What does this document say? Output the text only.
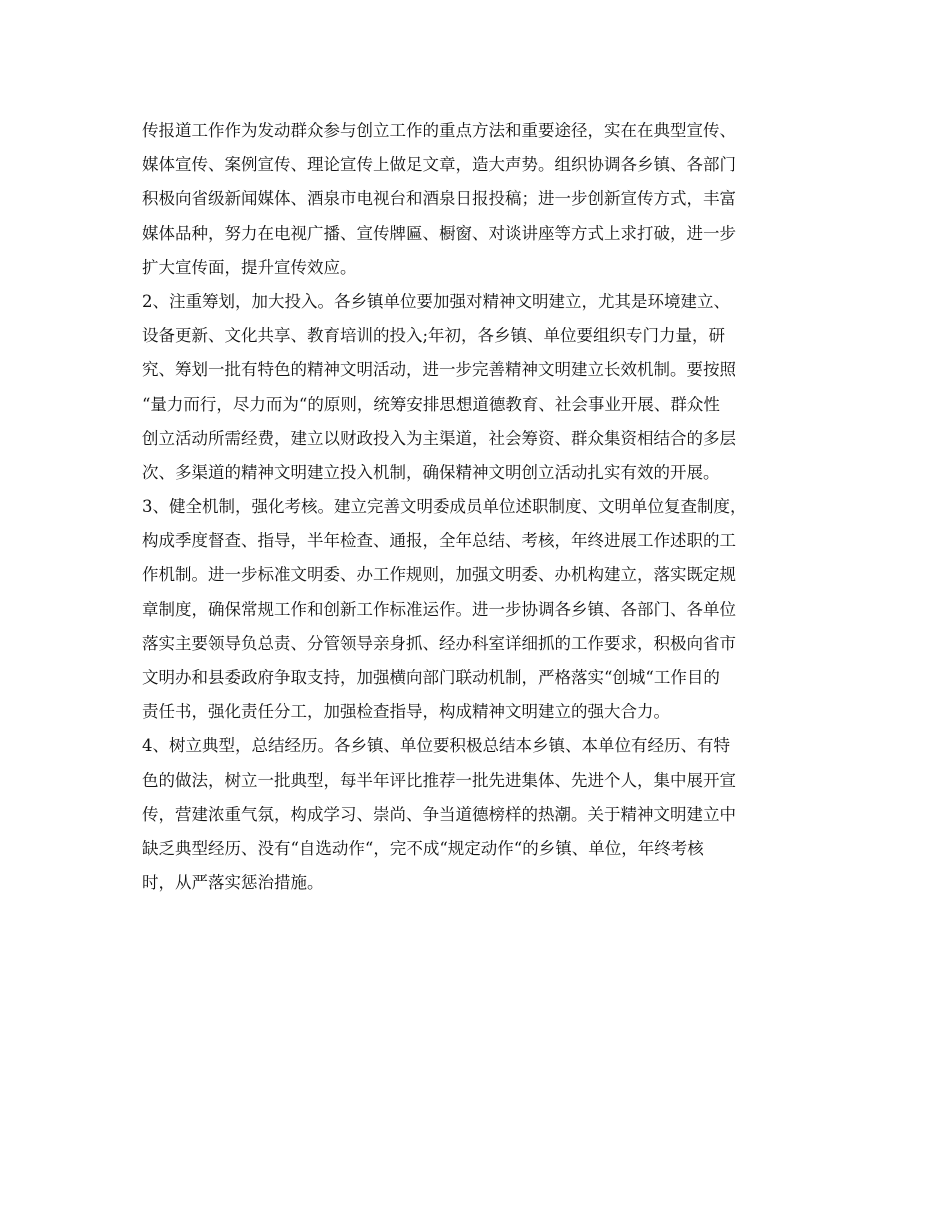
传报道工作作为发动群众参与创立工作的重点方法和重要途径，实在在典型宣传、
媒体宣传、案例宣传、理论宣传上做足文章，造大声势。组织协调各乡镇、各部门
积极向省级新闻媒体、酒泉市电视台和酒泉日报投稿；进一步创新宣传方式，丰富
媒体品种，努力在电视广播、宣传牌匾、橱窗、对谈讲座等方式上求打破，进一步
扩大宣传面，提升宣传效应。
2、注重筹划，加大投入。各乡镇单位要加强对精神文明建立，尤其是环境建立、
设备更新、文化共享、教育培训的投入;年初，各乡镇、单位要组织专门力量，研
究、筹划一批有特色的精神文明活动，进一步完善精神文明建立长效机制。要按照
“量力而行，尽力而为“的原则，统筹安排思想道德教育、社会事业开展、群众性
创立活动所需经费，建立以财政投入为主渠道，社会筹资、群众集资相结合的多层
次、多渠道的精神文明建立投入机制，确保精神文明创立活动扎实有效的开展。
3、健全机制，强化考核。建立完善文明委成员单位述职制度、文明单位复查制度，
构成季度督查、指导，半年检查、通报，全年总结、考核，年终进展工作述职的工
作机制。进一步标准文明委、办工作规则，加强文明委、办机构建立，落实既定规
章制度，确保常规工作和创新工作标准运作。进一步协调各乡镇、各部门、各单位
落实主要领导负总责、分管领导亲身抓、经办科室详细抓的工作要求，积极向省市
文明办和县委政府争取支持，加强横向部门联动机制，严格落实“创城“工作目的
责任书，强化责任分工，加强检查指导，构成精神文明建立的强大合力。
4、树立典型，总结经历。各乡镇、单位要积极总结本乡镇、本单位有经历、有特
色的做法，树立一批典型，每半年评比推荐一批先进集体、先进个人，集中展开宣
传，营建浓重气氛，构成学习、崇尚、争当道德榜样的热潮。关于精神文明建立中
缺乏典型经历、没有“自选动作“，完不成“规定动作“的乡镇、单位，年终考核
时，从严落实惩治措施。
